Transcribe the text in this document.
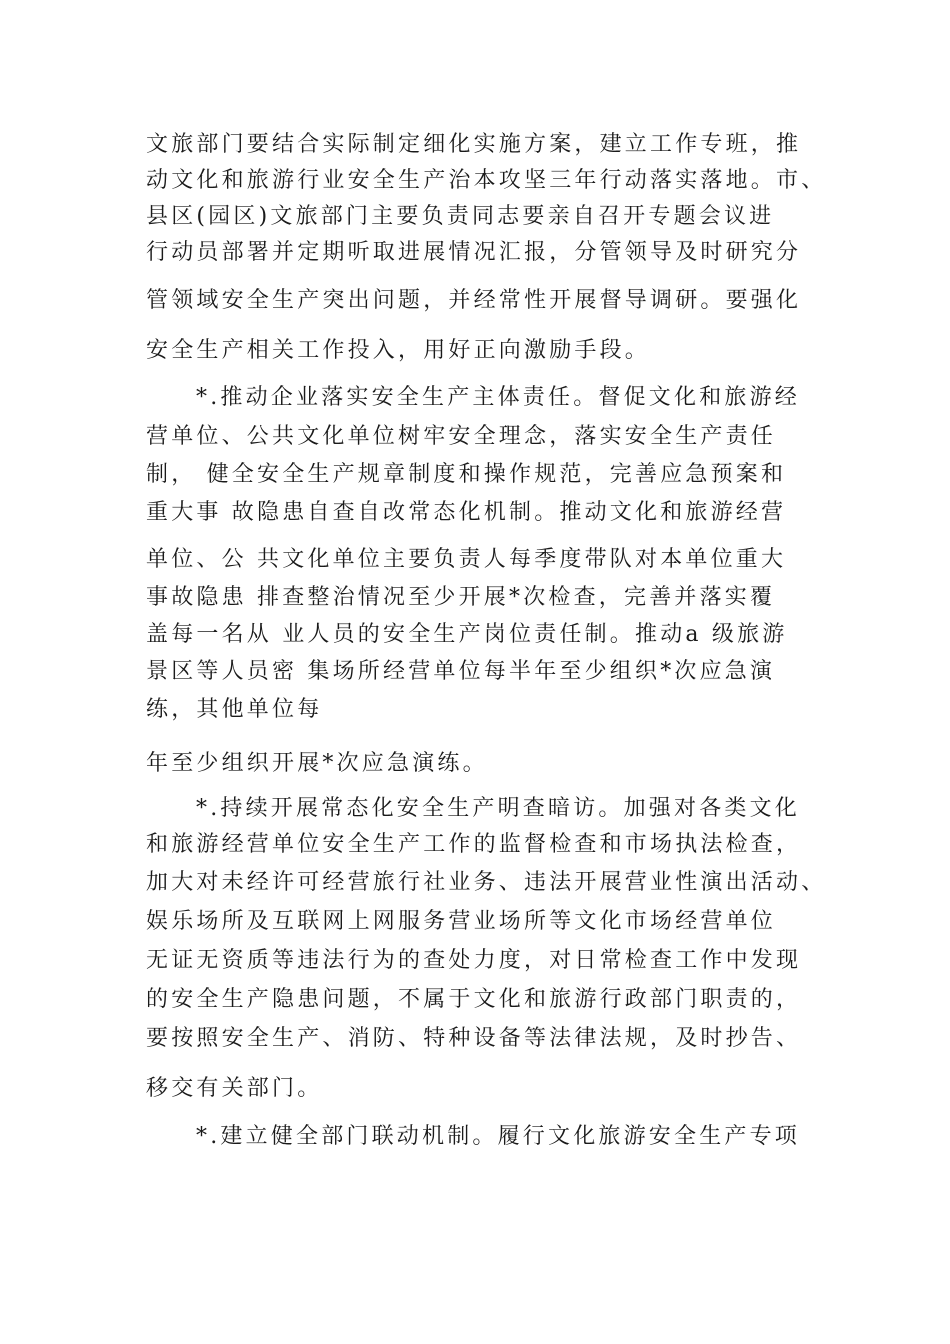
文旅部门要结合实际制定细化实施方案，建立工作专班，推
动文化和旅游行业安全生产治本攻坚三年行动落实落地。市、
县区(园区)文旅部门主要负责同志要亲自召开专题会议进
行动员部署并定期听取进展情况汇报，分管领导及时研究分
管领域安全生产突出问题，并经常性开展督导调研。要强化
安全生产相关工作投入，用好正向激励手段。
*.推动企业落实安全生产主体责任。督促文化和旅游经
营单位、公共文化单位树牢安全理念，落实安全生产责任
制， 健全安全生产规章制度和操作规范，完善应急预案和
重大事 故隐患自查自改常态化机制。推动文化和旅游经营
单位、公 共文化单位主要负责人每季度带队对本单位重大
事故隐患 排查整治情况至少开展*次检查，完善并落实覆
盖每一名从 业人员的安全生产岗位责任制。推动a 级旅游
景区等人员密 集场所经营单位每半年至少组织*次应急演
练，其他单位每
年至少组织开展*次应急演练。
*.持续开展常态化安全生产明查暗访。加强对各类文化
和旅游经营单位安全生产工作的监督检查和市场执法检查，
加大对未经许可经营旅行社业务、违法开展营业性演出活动、
娱乐场所及互联网上网服务营业场所等文化市场经营单位
无证无资质等违法行为的查处力度，对日常检查工作中发现
的安全生产隐患问题，不属于文化和旅游行政部门职责的，
要按照安全生产、消防、特种设备等法律法规，及时抄告、
移交有关部门。
*.建立健全部门联动机制。履行文化旅游安全生产专项
